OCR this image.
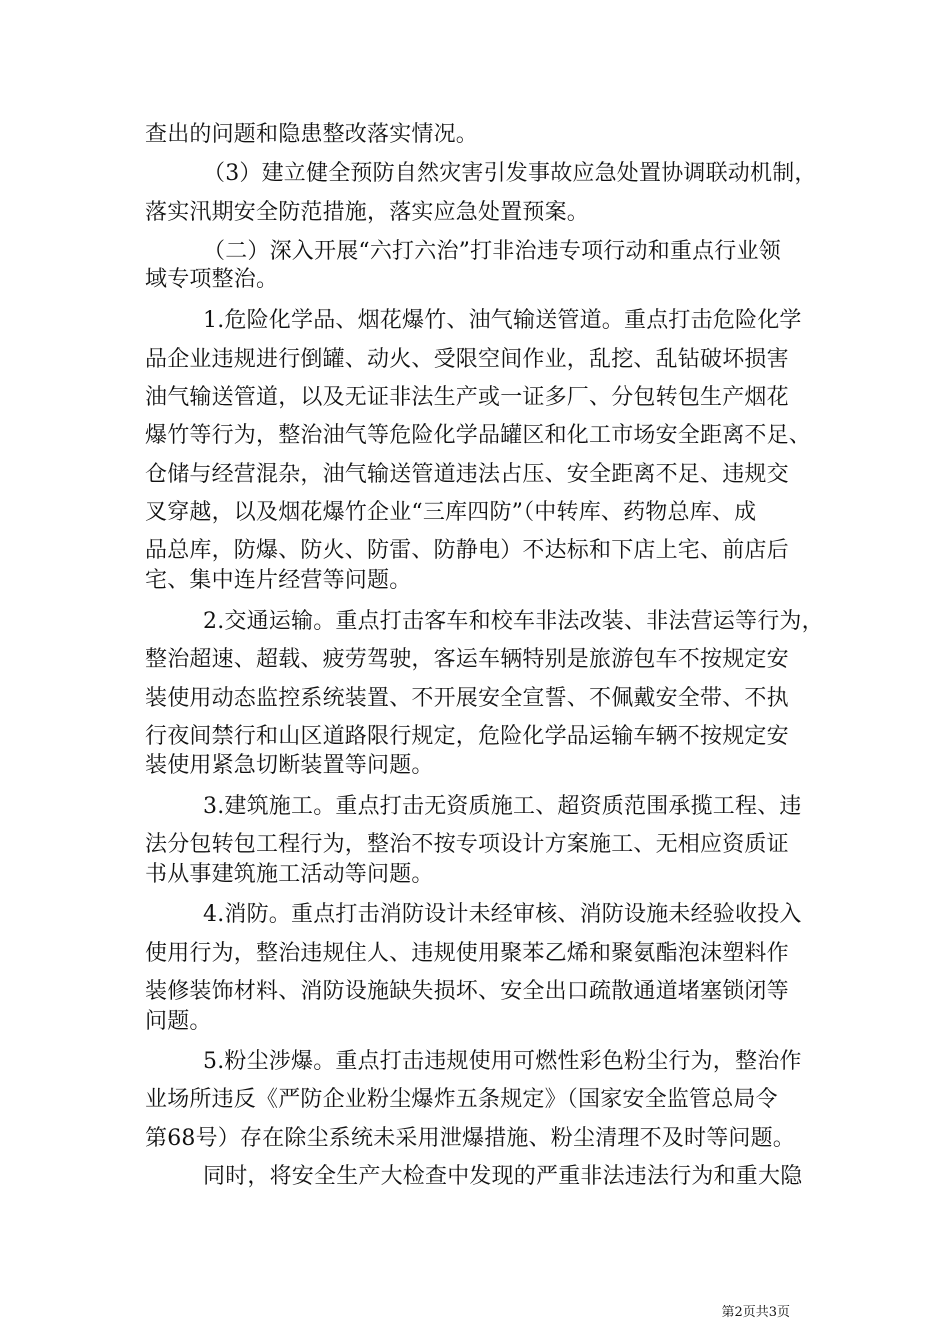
查出的问题和隐患整改落实情况。
（3）建立健全预防自然灾害引发事故应急处置协调联动机制，
落实汛期安全防范措施，落实应急处置预案。
（二）深入开展“六打六治”打非治违专项行动和重点行业领
域专项整治。
1.危险化学品、烟花爆竹、油气输送管道。重点打击危险化学
品企业违规进行倒罐、动火、受限空间作业，乱挖、乱钻破坏损害
油气输送管道，以及无证非法生产或一证多厂、分包转包生产烟花
爆竹等行为，整治油气等危险化学品罐区和化工市场安全距离不足、
仓储与经营混杂，油气输送管道违法占压、安全距离不足、违规交
叉穿越，以及烟花爆竹企业“三库四防”（中转库、药物总库、成
品总库，防爆、防火、防雷、防静电）不达标和下店上宅、前店后
宅、集中连片经营等问题。
2.交通运输。重点打击客车和校车非法改装、非法营运等行为，
整治超速、超载、疲劳驾驶，客运车辆特别是旅游包车不按规定安
装使用动态监控系统装置、不开展安全宣誓、不佩戴安全带、不执
行夜间禁行和山区道路限行规定，危险化学品运输车辆不按规定安
装使用紧急切断装置等问题。
3.建筑施工。重点打击无资质施工、超资质范围承揽工程、违
法分包转包工程行为，整治不按专项设计方案施工、无相应资质证
书从事建筑施工活动等问题。
4.消防。重点打击消防设计未经审核、消防设施未经验收投入
使用行为，整治违规住人、违规使用聚苯乙烯和聚氨酯泡沫塑料作
装修装饰材料、消防设施缺失损坏、安全出口疏散通道堵塞锁闭等
问题。
5.粉尘涉爆。重点打击违规使用可燃性彩色粉尘行为，整治作
业场所违反《严防企业粉尘爆炸五条规定》（国家安全监管总局令
第68号）存在除尘系统未采用泄爆措施、粉尘清理不及时等问题。
同时，将安全生产大检查中发现的严重非法违法行为和重大隐
第2页共3页
